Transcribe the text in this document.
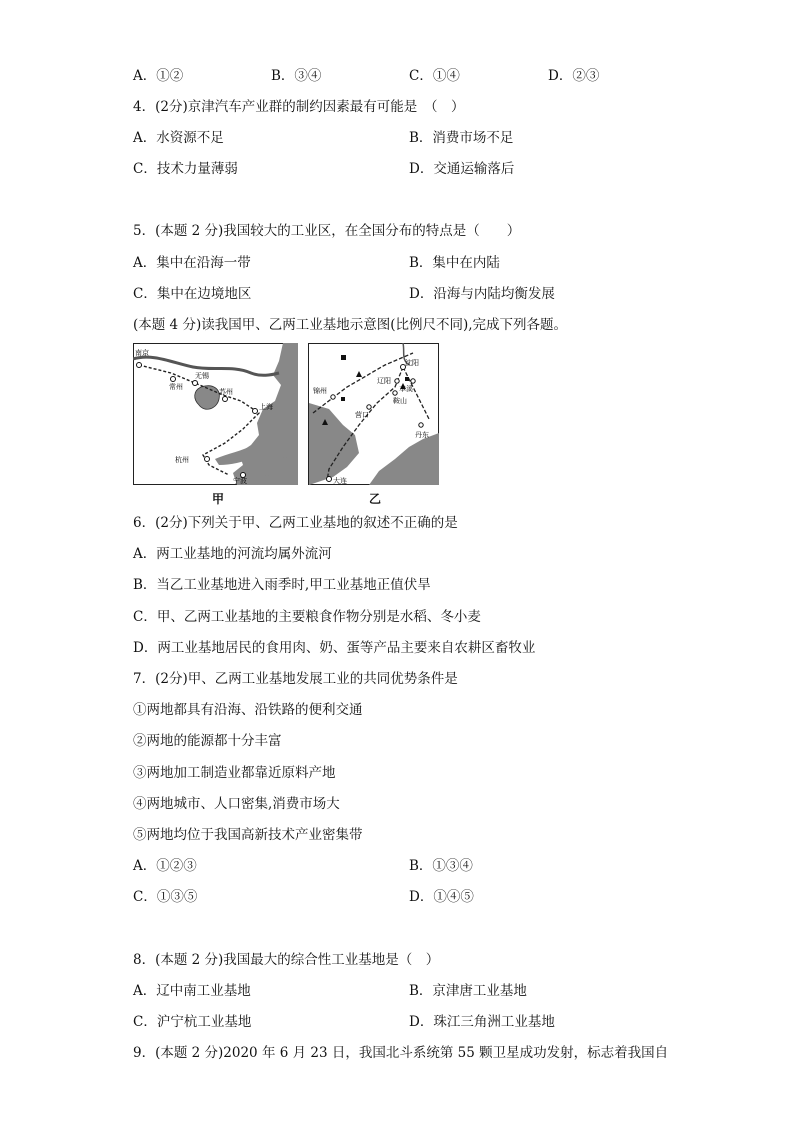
A．①②	B．③④	C．①④	D．②③
4．(2分)京津汽车产业群的制约因素最有可能是　（　）
A．水资源不足	B．消费市场不足
C．技术力量薄弱	D．交通运输落后
5．(本题 2 分)我国较大的工业区，在全国分布的特点是（　　）
A．集中在沿海一带	B．集中在内陆
C．集中在边境地区	D．沿海与内陆均衡发展
(本题 4 分)读我国甲、乙两工业基地示意图(比例尺不同),完成下列各题。
南京
常州
无锡
苏州
上海
杭州
宁波
沈阳
辽阳
本溪
鞍山
锦州
营口
丹东
大连
甲	乙
6．(2分)下列关于甲、乙两工业基地的叙述不正确的是
A．两工业基地的河流均属外流河
B．当乙工业基地进入雨季时,甲工业基地正值伏旱
C．甲、乙两工业基地的主要粮食作物分别是水稻、冬小麦
D．两工业基地居民的食用肉、奶、蛋等产品主要来自农耕区畜牧业
7．(2分)甲、乙两工业基地发展工业的共同优势条件是
①两地都具有沿海、沿铁路的便利交通
②两地的能源都十分丰富
③两地加工制造业都靠近原料产地
④两地城市、人口密集,消费市场大
⑤两地均位于我国高新技术产业密集带
A．①②③	B．①③④
C．①③⑤	D．①④⑤
8．(本题 2 分)我国最大的综合性工业基地是（　）
A．辽中南工业基地	B．京津唐工业基地
C．沪宁杭工业基地	D．珠江三角洲工业基地
9．(本题 2 分)2020 年 6 月 23 日，我国北斗系统第 55 颗卫星成功发射，标志着我国自
